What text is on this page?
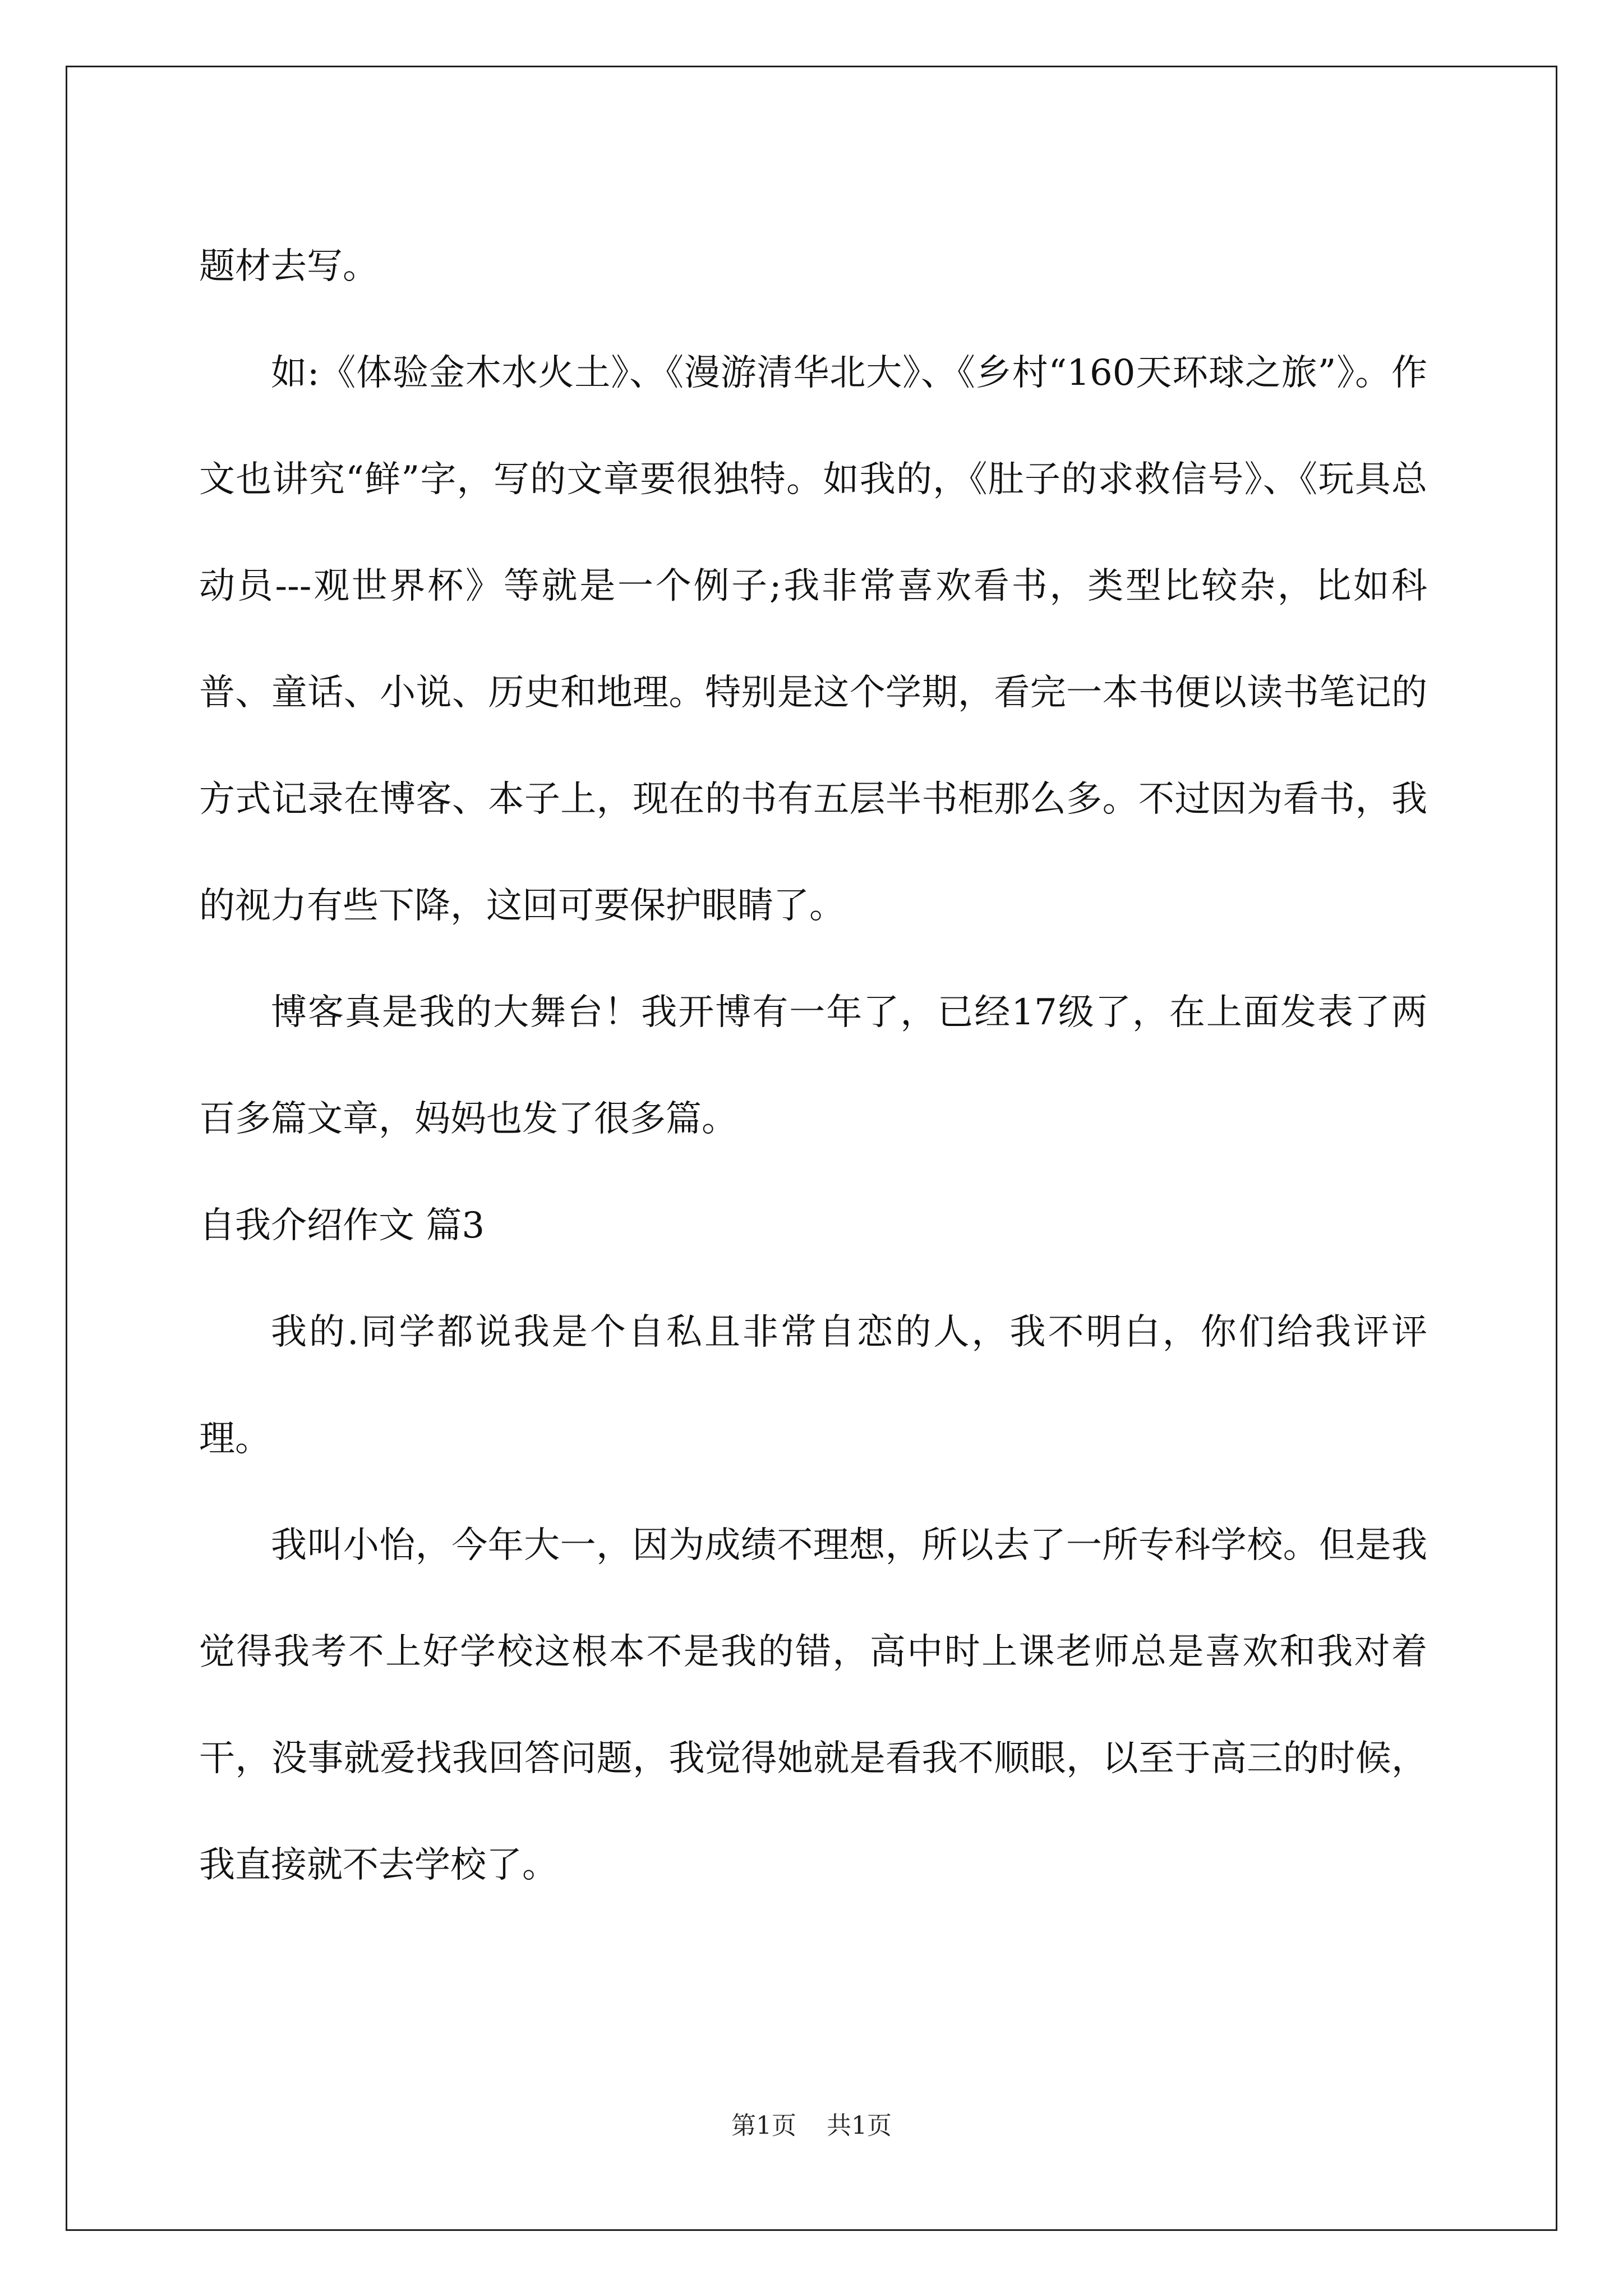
题材去写。

如:《体验金木水火土》、《漫游清华北大》、《乡村“160天环球之旅”》。作文也讲究“鲜”字，写的文章要很独特。如我的，《肚子的求救信号》、《玩具总动员---观世界杯》等就是一个例子;我非常喜欢看书，类型比较杂，比如科普、童话、小说、历史和地理。特别是这个学期，看完一本书便以读书笔记的方式记录在博客、本子上，现在的书有五层半书柜那么多。不过因为看书，我的视力有些下降，这回可要保护眼睛了。

博客真是我的大舞台！我开博有一年了，已经17级了，在上面发表了两百多篇文章，妈妈也发了很多篇。

自我介绍作文 篇3

我的.同学都说我是个自私且非常自恋的人，我不明白，你们给我评评理。

我叫小怡，今年大一，因为成绩不理想，所以去了一所专科学校。但是我觉得我考不上好学校这根本不是我的错，高中时上课老师总是喜欢和我对着干，没事就爱找我回答问题，我觉得她就是看我不顺眼，以至于高三的时候，我直接就不去学校了。

第1页 共1页
